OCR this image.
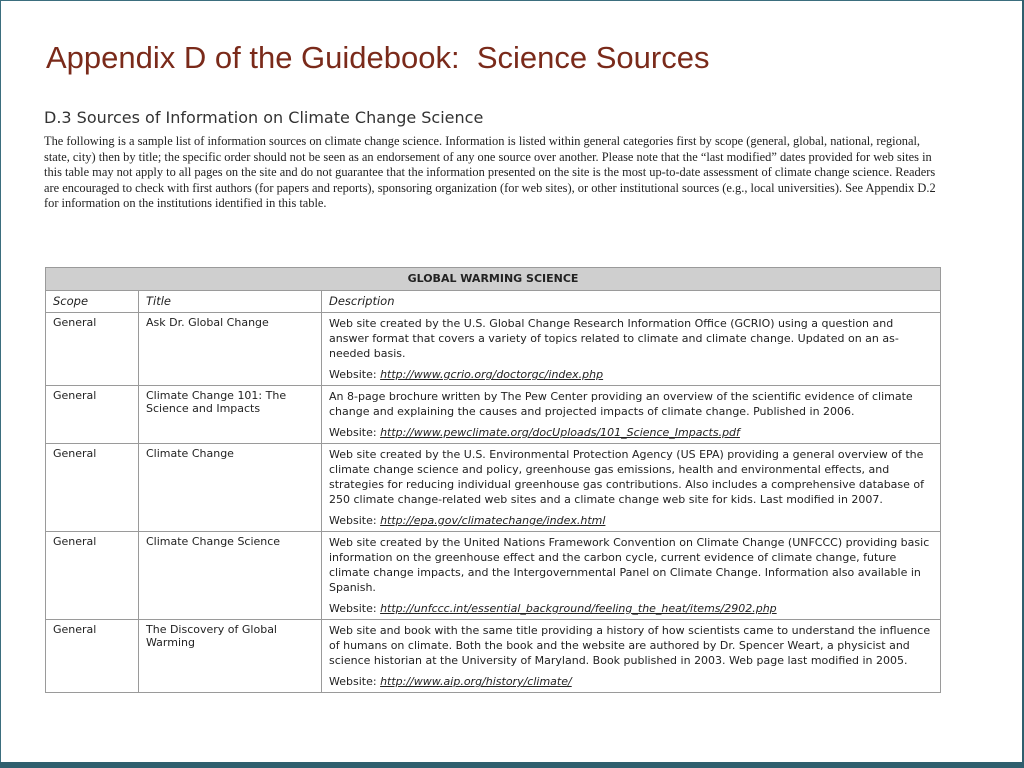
Appendix D of the Guidebook:  Science Sources
D.3 Sources of Information on Climate Change Science

The following is a sample list of information sources on climate change science. Information is listed within general categories first by scope (general, global, national, regional, state, city) then by title; the specific order should not be seen as an endorsement of any one source over another. Please note that the “last modified” dates provided for web sites in this table may not apply to all pages on the site and do not guarantee that the information presented on the site is the most up-to-date assessment of climate change science. Readers are encouraged to check with first authors (for papers and reports), sponsoring organization (for web sites), or other institutional sources (e.g., local universities). See Appendix D.2 for information on the institutions identified in this table.

GLOBAL WARMING SCIENCE		
Scope	Title	Description
General	Ask Dr. Global Change	Web site created by the U.S. Global Change Research Information Office (GCRIO) using a question and answer format that covers a variety of topics related to climate and climate change. Updated on an as-needed basis.
Website: http://www.gcrio.org/doctorgc/index.php

General	Climate Change 101: The Science and Impacts	An 8-page brochure written by The Pew Center providing an overview of the scientific evidence of climate change and explaining the causes and projected impacts of climate change. Published in 2006.
Website: http://www.pewclimate.org/docUploads/101_Science_Impacts.pdf

General	Climate Change	Web site created by the U.S. Environmental Protection Agency (US EPA) providing a general overview of the climate change science and policy, greenhouse gas emissions, health and environmental effects, and strategies for reducing individual greenhouse gas contributions. Also includes a comprehensive database of 250 climate change-related web sites and a climate change web site for kids. Last modified in 2007.
Website: http://epa.gov/climatechange/index.html

General	Climate Change Science	Web site created by the United Nations Framework Convention on Climate Change (UNFCCC) providing basic information on the greenhouse effect and the carbon cycle, current evidence of climate change, future climate change impacts, and the Intergovernmental Panel on Climate Change. Information also available in Spanish.
Website: http://unfccc.int/essential_background/feeling_the_heat/items/2902.php

General	The Discovery of Global Warming	Web site and book with the same title providing a history of how scientists came to understand the influence of humans on climate. Both the book and the website are authored by Dr. Spencer Weart, a physicist and science historian at the University of Maryland. Book published in 2003. Web page last modified in 2005.
Website: http://www.aip.org/history/climate/
